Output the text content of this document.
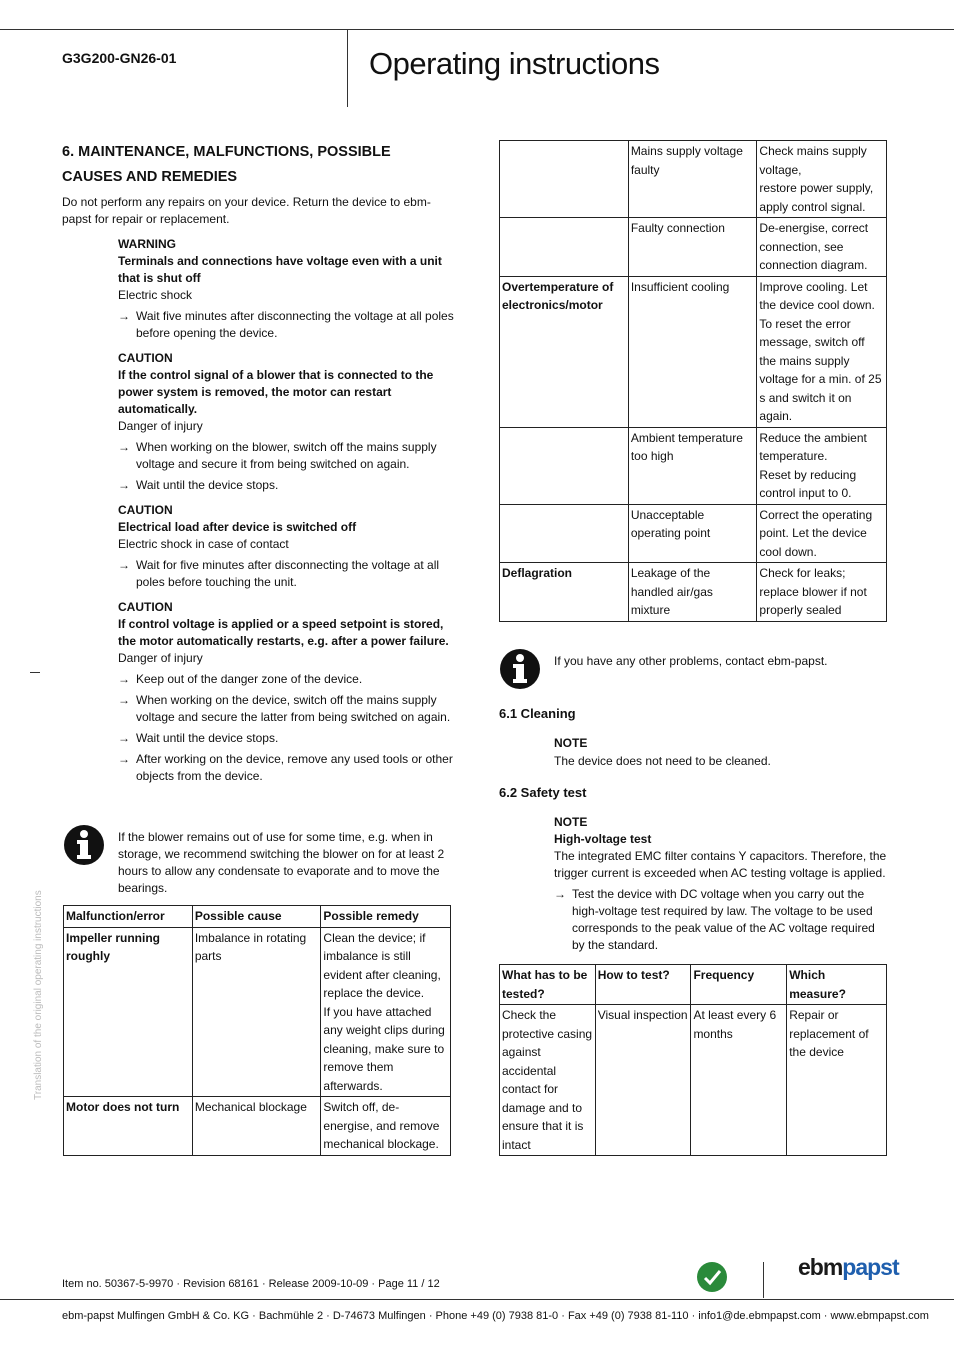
G3G200-GN26-01	Operating instructions
Translation of the original operating instructions
6. MAINTENANCE, MALFUNCTIONS, POSSIBLE
CAUSES AND REMEDIES

Do not perform any repairs on your device. Return the device to ebm-papst for repair or replacement.

WARNING
Terminals and connections have voltage even with a unit that is shut off
Electric shock
→ Wait five minutes after disconnecting the voltage at all poles before opening the device.
CAUTION
If the control signal of a blower that is connected to the power system is removed, the motor can restart automatically.
Danger of injury
→ When working on the blower, switch off the mains supply voltage and secure it from being switched on again.
→ Wait until the device stops.
CAUTION
Electrical load after device is switched off
Electric shock in case of contact
→ Wait for five minutes after disconnecting the voltage at all poles before touching the unit.
CAUTION
If control voltage is applied or a speed setpoint is stored, the motor automatically restarts, e.g. after a power failure.
Danger of injury
→ Keep out of the danger zone of the device.
→ When working on the device, switch off the mains supply voltage and secure the latter from being switched on again.
→ Wait until the device stops.
→ After working on the device, remove any used tools or other objects from the device.

If the blower remains out of use for some time, e.g. when in storage, we recommend switching the blower on for at least 2 hours to allow any condensate to evaporate and to move the bearings.

Malfunction/error	Possible cause	Possible remedy
Impeller running roughly	Imbalance in rotating parts	Clean the device; if imbalance is still evident after cleaning, replace the device.
If you have attached any weight clips during cleaning, make sure to remove them afterwards.
Motor does not turn	Mechanical blockage	Switch off, de-energise, and remove mechanical blockage.
	Mains supply voltage faulty	Check mains supply voltage,
restore power supply,
apply control signal.
	Faulty connection	De-energise, correct connection, see connection diagram.
Overtemperature of electronics/motor	Insufficient cooling	Improve cooling. Let the device cool down.
To reset the error message, switch off the mains supply voltage for a min. of 25 s and switch it on again.
	Ambient temperature too high	Reduce the ambient temperature.
Reset by reducing control input to 0.
	Unacceptable operating point	Correct the operating point. Let the device cool down.
Deflagration	Leakage of the handled air/gas mixture	Check for leaks; replace blower if not properly sealed

If you have any other problems, contact ebm-papst.

6.1 Cleaning
NOTE

The device does not need to be cleaned.

6.2 Safety test
NOTE
High-voltage test

The integrated EMC filter contains Y capacitors. Therefore, the trigger current is exceeded when AC testing voltage is applied.

→ Test the device with DC voltage when you carry out the high-voltage test required by law. The voltage to be used corresponds to the peak value of the AC voltage required by the standard.
What has to be tested?	How to test?	Frequency	Which measure?
Check the protective casing against accidental contact for damage and to ensure that it is intact	Visual inspection	At least every 6 months	Repair or replacement of the device
Item no. 50367-5-9970 · Revision 68161 · Release 2009-10-09 · Page 11 / 12
ebmpapst
ebm-papst Mulfingen GmbH & Co. KG · Bachmühle 2 · D-74673 Mulfingen · Phone +49 (0) 7938 81-0 · Fax +49 (0) 7938 81-110 · info1@de.ebmpapst.com · www.ebmpapst.com
